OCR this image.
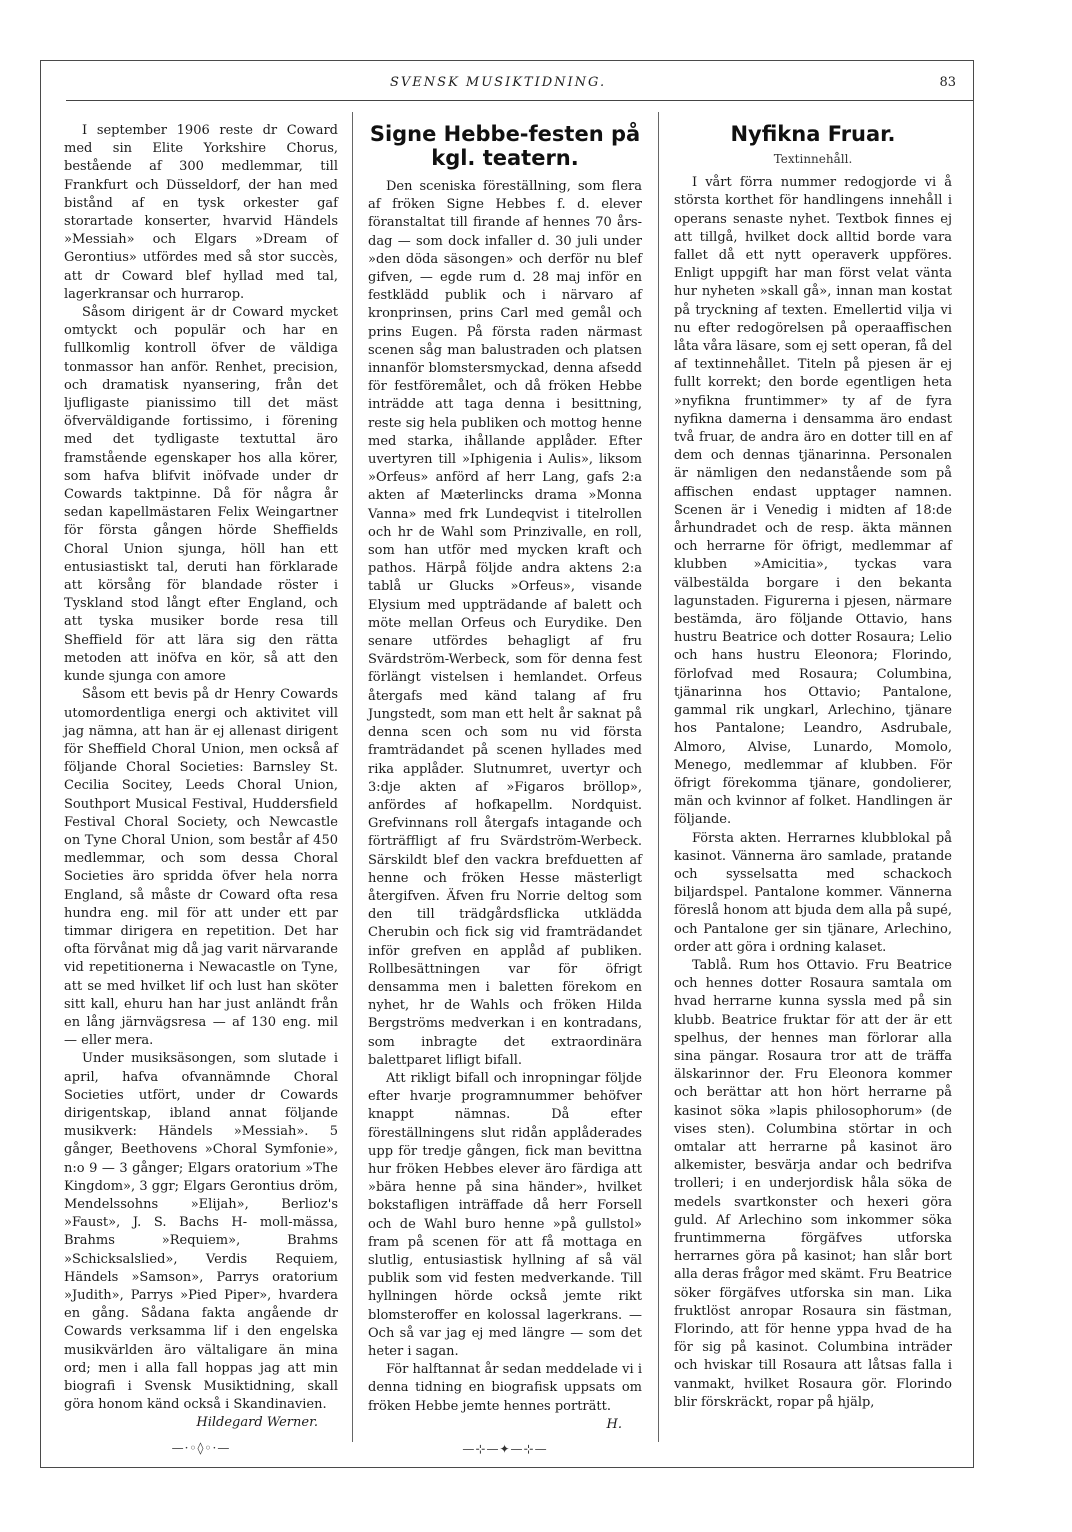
SVENSK MUSIKTIDNING.	83

I september 1906 reste dr Coward med sin Elite Yorkshire Chorus, bestående af 300 medlemmar, till Frankfurt och Düsseldorf, der han med bistånd af en tysk orkester gaf storartade konserter, hvarvid Händels »Messiah» och Elgars »Dream of Gerontius» utfördes med så stor succès, att dr Coward blef hyllad med tal, lagerkransar och hurrarop.

Såsom dirigent är dr Coward mycket omtyckt och populär och har en fullkomlig kontroll öfver de väldiga tonmassor han anför. Renhet, precision, och dramatisk nyansering, från det ljufligaste pianissimo till det mäst öfverväldigande fortissimo, i förening med det tydligaste textuttal äro framstående egenskaper hos alla körer, som hafva blifvit inöfvade under dr Cowards taktpinne. Då för några år sedan kapellmästaren Felix Weingartner för första gången hörde Sheffields Choral Union sjunga, höll han ett entusiastiskt tal, deruti han förklarade att körsång för blandade röster i Tyskland stod långt efter England, och att tyska musiker borde resa till Sheffield för att lära sig den rätta metoden att inöfva en kör, så att den kunde sjunga con amore

Såsom ett bevis på dr Henry Cowards utomordentliga energi och aktivitet vill jag nämna, att han är ej allenast dirigent för Sheffield Choral Union, men också af följande Choral Societies: Barnsley St. Cecilia Socitey, Leeds Choral Union, Southport Musical Festival, Huddersfield Festival Choral Society, och Newcastle on Tyne Choral Union, som består af 450 medlemmar, och som dessa Choral Societies äro spridda öfver hela norra England, så måste dr Coward ofta resa hundra eng. mil för att under ett par timmar dirigera en repetition. Det har ofta förvånat mig då jag varit närvarande vid repetitionerna i Newacastle on Tyne, att se med hvilket lif och lust han sköter sitt kall, ehuru han har just anländt från en lång järnvägsresa — af 130 eng. mil — eller mera.

Under musiksäsongen, som slutade i april, hafva ofvannämnde Choral Societies utfört, under dr Cowards dirigentskap, ibland annat följande musikverk: Händels »Messiah». 5 gånger, Beethovens »Choral Symfonie», n:o 9 — 3 gånger; Elgars oratorium »The Kingdom», 3 ggr; Elgars Gerontius dröm, Mendelssohns »Elijah», Berlioz's »Faust», J. S. Bachs H- moll-mässa, Brahms »Requiem», Brahms »Schicksalslied», Verdis Requiem, Händels »Samson», Parrys oratorium »Judith», Parrys »Pied Piper», hvardera en gång. Sådana fakta angående dr Cowards verksamma lif i den engelska musikvärlden äro vältaligare än mina ord; men i alla fall hoppas jag att min biografi i Svensk Musiktidning, skall göra honom känd också i Skandinavien.

Hildegard Werner.
—·◦◊◦·—
Signe Hebbe-festen på kgl. teatern.

Den sceniska föreställning, som flera af fröken Signe Hebbes f. d. elever föranstaltat till firande af hennes 70 års-dag — som dock infaller d. 30 juli under »den döda säsongen» och derför nu blef gifven, — egde rum d. 28 maj inför en festklädd publik och i närvaro af kronprinsen, prins Carl med gemål och prins Eugen. På första raden närmast scenen såg man balustraden och platsen innanför blomstersmyckad, denna afsedd för festföremålet, och då fröken Hebbe inträdde att taga denna i besittning, reste sig hela publiken och mottog henne med starka, ihållande applåder. Efter uvertyren till »Iphigenia i Aulis», liksom »Orfeus» anförd af herr Lang, gafs 2:a akten af Mæterlincks drama »Monna Vanna» med frk Lundeqvist i titelrollen och hr de Wahl som Prinzivalle, en roll, som han utför med mycken kraft och pathos. Härpå följde andra aktens 2:a tablå ur Glucks »Orfeus», visande Elysium med uppträdande af balett och möte mellan Orfeus och Eurydike. Den senare utfördes behagligt af fru Svärdström-Werbeck, som för denna fest förlängt vistelsen i hemlandet. Orfeus återgafs med känd talang af fru Jungstedt, som man ett helt år saknat på denna scen och som nu vid första framträdandet på scenen hyllades med rika applåder. Slutnumret, uvertyr och 3:dje akten af »Figaros bröllop», anfördes af hofkapellm. Nordquist. Grefvinnans roll återgafs intagande och förträffligt af fru Svärdström-Werbeck. Särskildt blef den vackra brefduetten af henne och fröken Hesse mästerligt återgifven. Äfven fru Norrie deltog som den till trädgårdsflicka utklädda Cherubin och fick sig vid framträdandet inför grefven en applåd af publiken. Rollbesättningen var för öfrigt densamma men i baletten förekom en nyhet, hr de Wahls och fröken Hilda Bergströms medverkan i en kontradans, som inbragte det extraordinära balettparet lifligt bifall.

Att rikligt bifall och inropningar följde efter hvarje programnummer behöfver knappt nämnas. Då efter föreställningens slut ridån applåderades upp för tredje gången, fick man bevittna hur fröken Hebbes elever äro färdiga att »bära henne på sina händer», hvilket bokstafligen inträffade då herr Forsell och de Wahl buro henne »på gullstol» fram på scenen för att få mottaga en slutlig, entusiastisk hyllning af så väl publik som vid festen medverkande. Till hyllningen hörde också jemte rikt blomsteroffer en kolossal lagerkrans. — Och så var jag ej med längre — som det heter i sagan.

För halftannat år sedan meddelade vi i denna tidning en biografisk uppsats om fröken Hebbe jemte hennes porträtt.

H.
—⊹—✦—⊹—
Nyfikna Fruar.
Textinnehåll.

I vårt förra nummer redogjorde vi å största korthet för handlingens innehåll i operans senaste nyhet. Textbok finnes ej att tillgå, hvilket dock alltid borde vara fallet då ett nytt operaverk uppföres. Enligt uppgift har man först velat vänta hur nyheten »skall gå», innan man kostat på tryckning af texten. Emellertid vilja vi nu efter redogörelsen på operaaffischen låta våra läsare, som ej sett operan, få del af textinnehållet. Titeln på pjesen är ej fullt korrekt; den borde egentligen heta »nyfikna fruntimmer» ty af de fyra nyfikna damerna i densamma äro endast två fruar, de andra äro en dotter till en af dem och dennas tjänarinna. Personalen är nämligen den nedanstående som på affischen endast upptager namnen. Scenen är i Venedig i midten af 18:de århundradet och de resp. äkta männen och herrarne för öfrigt, medlemmar af klubben »Amicitia», tyckas vara välbestälda borgare i den bekanta lagunstaden. Figurerna i pjesen, närmare bestämda, äro följande Ottavio, hans hustru Beatrice och dotter Rosaura; Lelio och hans hustru Eleonora; Florindo, förlofvad med Rosaura; Columbina, tjänarinna hos Ottavio; Pantalone, gammal rik ungkarl, Arlechino, tjänare hos Pantalone; Leandro, Asdrubale, Almoro, Alvise, Lunardo, Momolo, Menego, medlemmar af klubben. För öfrigt förekomma tjänare, gondolierer, män och kvinnor af folket. Handlingen är följande.

Första akten. Herrarnes klubblokal på kasinot. Vännerna äro samlade, pratande och sysselsatta med schackoch biljardspel. Pantalone kommer. Vännerna föreslå honom att bjuda dem alla på supé, och Pantalone ger sin tjänare, Arlechino, order att göra i ordning kalaset.

Tablå. Rum hos Ottavio. Fru Beatrice och hennes dotter Rosaura samtala om hvad herrarne kunna syssla med på sin klubb. Beatrice fruktar för att der är ett spelhus, der hennes man förlorar alla sina pängar. Rosaura tror att de träffa älskarinnor der. Fru Eleonora kommer och berättar att hon hört herrarne på kasinot söka »lapis philosophorum» (de vises sten). Columbina störtar in och omtalar att herrarne på kasinot äro alkemister, besvärja andar och bedrifva trolleri; i en underjordisk håla söka de medels svartkonster och hexeri göra guld. Af Arlechino som inkommer söka fruntimmerna förgäfves utforska herrarnes göra på kasinot; han slår bort alla deras frågor med skämt. Fru Beatrice söker förgäfves utforska sin man. Lika fruktlöst anropar Rosaura sin fästman, Florindo, att för henne yppa hvad de ha för sig på kasinot. Columbina inträder och hviskar till Rosaura att låtsas falla i vanmakt, hvilket Rosaura gör. Florindo blir förskräckt, ropar på hjälp,
